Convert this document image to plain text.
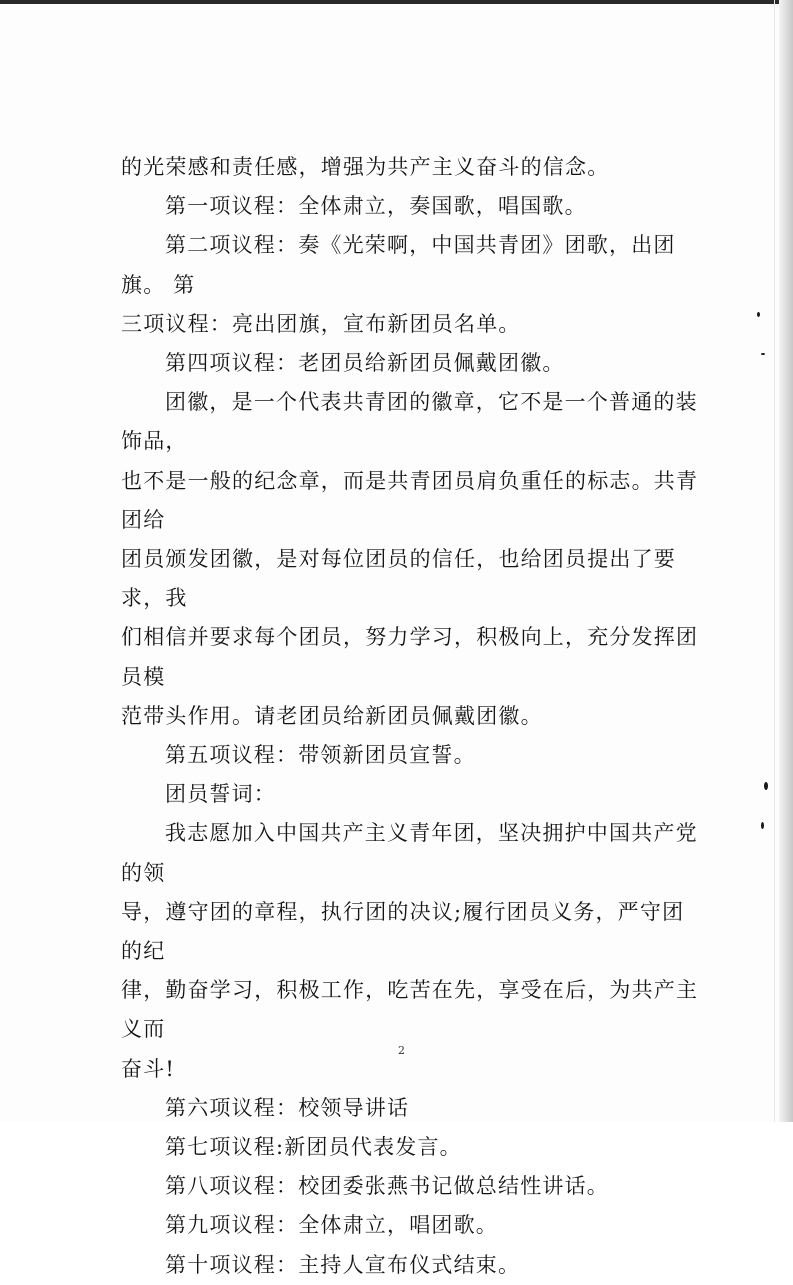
的光荣感和责任感，增强为共产主义奋斗的信念。

第一项议程：全体肃立，奏国歌，唱国歌。

第二项议程：奏《光荣啊，中国共青团》团歌，出团旗。 第

三项议程：亮出团旗，宣布新团员名单。

第四项议程：老团员给新团员佩戴团徽。

团徽，是一个代表共青团的徽章，它不是一个普通的装饰品，

也不是一般的纪念章，而是共青团员肩负重任的标志。共青团给

团员颁发团徽，是对每位团员的信任，也给团员提出了要求，我

们相信并要求每个团员，努力学习，积极向上，充分发挥团员模

范带头作用。请老团员给新团员佩戴团徽。

第五项议程：带领新团员宣誓。

团员誓词：

我志愿加入中国共产主义青年团，坚决拥护中国共产党的领

导，遵守团的章程，执行团的决议;履行团员义务，严守团的纪

律，勤奋学习，积极工作，吃苦在先，享受在后，为共产主义而

奋斗!

第六项议程：校领导讲话

第七项议程:新团员代表发言。

第八项议程：校团委张燕书记做总结性讲话。

第九项议程：全体肃立，唱团歌。

第十项议程：主持人宣布仪式结束。

2
